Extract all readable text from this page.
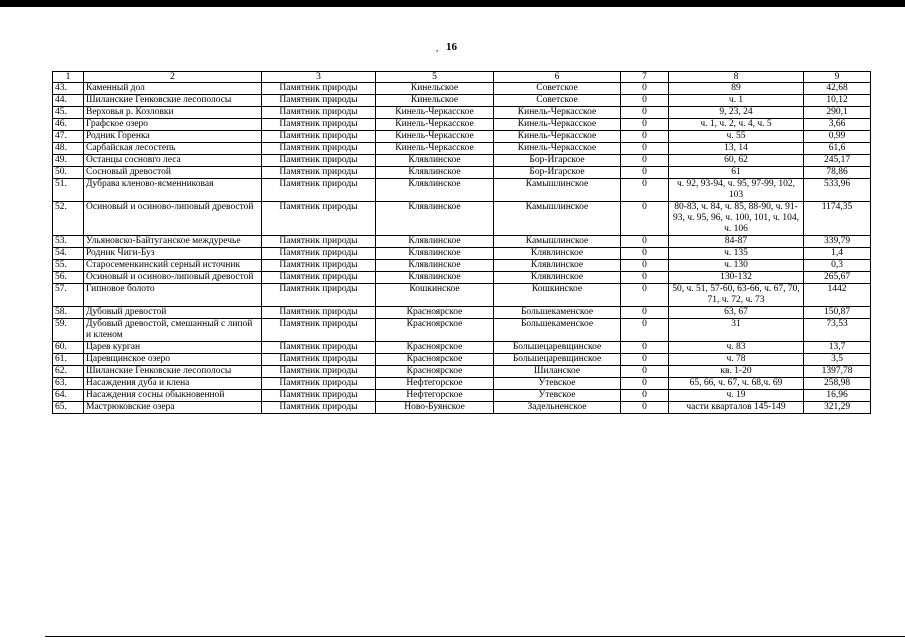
, 16
1	2	3	5	6	7	8	9
43.	Каменный дол	Памятник природы	Кинельское	Советское	0	89	42,68
44.	Шиланские Генковские лесополосы	Памятник природы	Кинельское	Советское	0	ч. 1	10,12
45.	Верховья р. Козловки	Памятник природы	Кинель-Черкасское	Кинель-Черкасское	0	9, 23, 24	290,1
46.	Графское озеро	Памятник природы	Кинель-Черкасское	Кинель-Черкасское	0	ч. 1, ч. 2, ч. 4, ч. 5	3,66
47.	Родник Горенка	Памятник природы	Кинель-Черкасское	Кинель-Черкасское	0	ч. 55	0,99
48.	Сарбайская лесостепь	Памятник природы	Кинель-Черкасское	Кинель-Черкасское	0	13, 14	61,6
49.	Останцы сосновго леса	Памятник природы	Клявлинское	Бор-Игарское	0	60, 62	245,17
50.	Сосновый древостой	Памятник природы	Клявлинское	Бор-Игарское	0	61	78,86
51.	Дубрава кленово-ясменниковая	Памятник природы	Клявлинское	Камышлинское	0	ч. 92, 93-94, ч. 95, 97-99, 102, 103	533,96
52.	Осиновый и осиново-липовый древостой	Памятник природы	Клявлинское	Камышлинское	0	80-83, ч. 84, ч. 85, 88-90, ч. 91-93, ч. 95, 96, ч. 100, 101, ч. 104, ч. 106	1174,35
53.	Ульяновско-Байтуганское междуречье	Памятник природы	Клявлинское	Камышлинское	0	84-87	339,79
54.	Родник Чиги-Буз	Памятник природы	Клявлинское	Клявлинское	0	ч. 135	1,4
55.	Старосеменкинский серный источник	Памятник природы	Клявлинское	Клявлинское	0	ч. 130	0,3
56.	Осиновый и осиново-липовый древостой	Памятник природы	Клявлинское	Клявлинское	0	130-132	265,67
57.	Гипновое болото	Памятник природы	Кошкинское	Кошкинское	0	50, ч. 51, 57-60, 63-66, ч. 67, 70, 71, ч. 72, ч. 73	1442
58.	Дубовый древостой	Памятник природы	Красноярское	Большекаменское	0	63, 67	150,87
59.	Дубовый древостой, смешанный с липой и кленом	Памятник природы	Красноярское	Большекаменское	0	31	73,53
60.	Царев курган	Памятник природы	Красноярское	Большецаревщинское	0	ч. 83	13,7
61.	Царевщинское озеро	Памятник природы	Красноярское	Большецаревщинское	0	ч. 78	3,5
62.	Шиланские Генковские лесополосы	Памятник природы	Красноярское	Шиланское	0	кв. 1-20	1397,78
63.	Насаждения дуба и клена	Памятник природы	Нефтегорское	Утевское	0	65, 66, ч. 67, ч. 68,ч. 69	258,98
64.	Насаждения сосны обыкновенной	Памятник природы	Нефтегорское	Утевское	0	ч. 19	16,96
65.	Мастрюковские озера	Памятник природы	Ново-Буянское	Задельненское	0	части кварталов 145-149	321,29
